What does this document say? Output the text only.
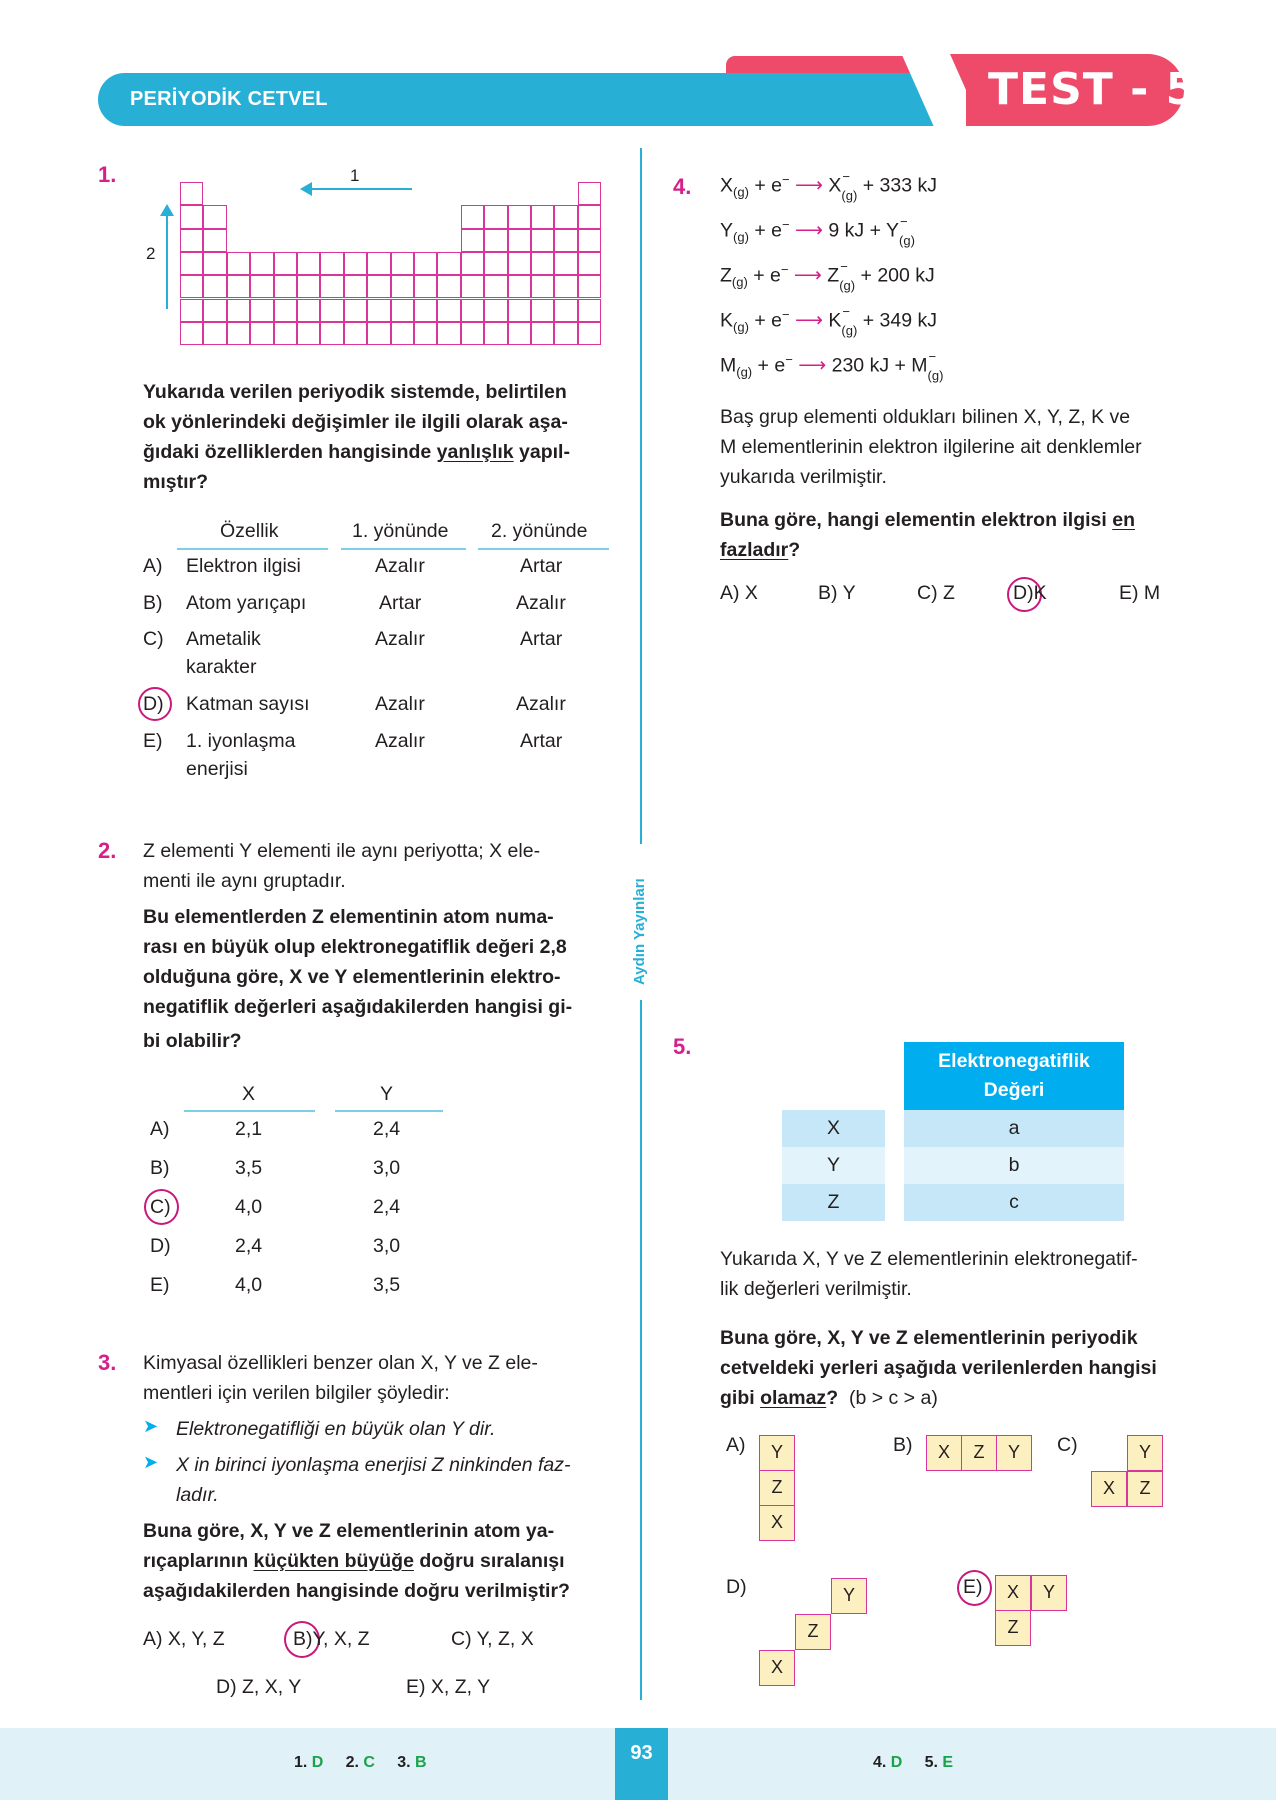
PERİYODİK CETVEL	TEST - 5
Aydın Yayınları
1.	1
2
Yukarıda verilen periyodik sistemde, belirtilen
ok yönlerindeki değişimler ile ilgili olarak aşa-
ğıdaki özelliklerden hangisinde yanlışlık yapıl-
mıştır?
Özellik	1. yönünde 2. yönünde
A) Elektron ilgisi	Azalır	Artar
B) Atom yarıçapı	Artar	Azalır
C) Ametalik
karakter
Azalır	Artar
D) Katman sayısı	Azalır	Azalır
E) 1. iyonlaşma
enerjisi
Azalır	Artar
2. Z elementi Y elementi ile aynı periyotta; X ele-
menti ile aynı gruptadır.
Bu elementlerden Z elementinin atom numa-
rası en büyük olup elektronegatiflik değeri 2,8
olduğuna göre, X ve Y elementlerinin elektro-
negatiflik değerleri aşağıdakilerden hangisi gi-
bi olabilir?
X	Y
A)	2,1	2,4
B)	3,5	3,0
C)	4,0	2,4
D)	2,4	3,0
E)	4,0	3,5
3. Kimyasal özellikleri benzer olan X, Y ve Z ele-
mentleri için verilen bilgiler şöyledir:
➤ Elektronegatifliği en büyük olan Y dir.
➤ X in birinci iyonlaşma enerjisi Z ninkinden faz-
ladır.
Buna göre, X, Y ve Z elementlerinin atom ya-
rıçaplarının küçükten büyüğe doğru sıralanışı
aşağıdakilerden hangisinde doğru verilmiştir?
A) X, Y, Z	B)Y, X, Z	C) Y, Z, X
D) Z, X, Y	E) X, Z, Y
4. $X_{(g)} + e^-$ ⟶ X −
$_{(g)}$ + 333 kJ
$Y_{(g)} + e^-$ ⟶ 9 kJ + Y −
$_{(g)}$
$Z_{(g)} + e^-$ ⟶ Z −
$_{(g)}$ + 200 kJ
$K_{(g)} + e^-$ ⟶ K −
$_{(g)}$ + 349 kJ
$M_{(g)} + e^-$ ⟶ 230 kJ + M −
$_{(g)}$
Baş grup elementi oldukları bilinen X, Y, Z, K ve
M elementlerinin elektron ilgilerine ait denklemler
yukarıda verilmiştir.
Buna göre, hangi elementin elektron ilgisi en
fazladır?
A) X	B) Y	C) Z	D)K	E) M
5.
Elektronegatiflik
Değeri
X	a
Y	b
Z	c
Yukarıda X, Y ve Z elementlerinin elektronegatif-
lik değerleri verilmiştir.
Buna göre, X, Y ve Z elementlerinin periyodik
cetveldeki yerleri aşağıda verilenlerden hangisi
gibi olamaz? (b > c > a)
A)	Y
Z
X
B)	X	Z	Y	C)	Y
X	Z
D)	Y
Z
X
E)	X	Y
Z
93
1. D 2. C 3. B	4. D 5. E
